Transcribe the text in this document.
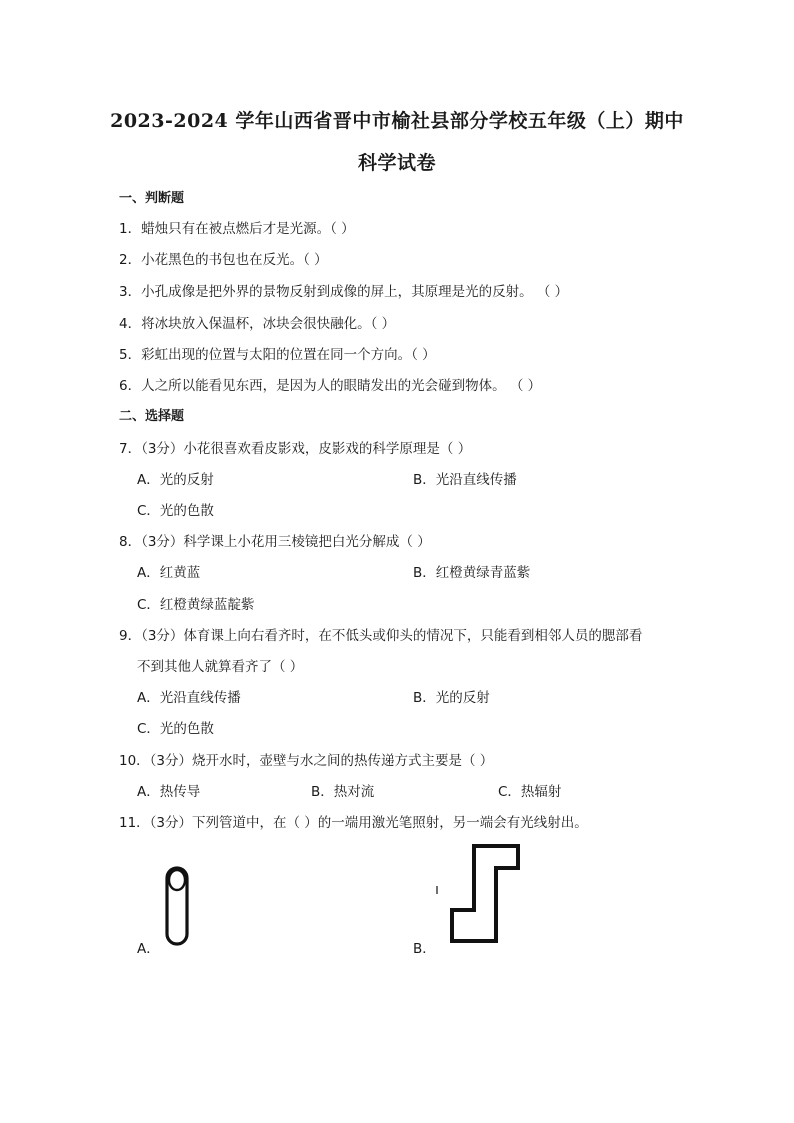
2023-2024 学年山西省晋中市榆社县部分学校五年级（上）期中
科学试卷
一、判断题
1．蜡烛只有在被点燃后才是光源。（ ）
2．小花黑色的书包也在反光。（ ）
3．小孔成像是把外界的景物反射到成像的屏上，其原理是光的反射。 （ ）
4．将冰块放入保温杯，冰块会很快融化。（ ）
5．彩虹出现的位置与太阳的位置在同一个方向。（ ）
6．人之所以能看见东西，是因为人的眼睛发出的光会碰到物体。 （ ）
二、选择题
7．（3分）小花很喜欢看皮影戏，皮影戏的科学原理是（ ）
A．光的反射	B．光沿直线传播
C．光的色散
8．（3分）科学课上小花用三棱镜把白光分解成（ ）
A．红黄蓝	B．红橙黄绿青蓝紫
C．红橙黄绿蓝靛紫
9．（3分）体育课上向右看齐时，在不低头或仰头的情况下，只能看到相邻人员的腮部看
不到其他人就算看齐了（ ）
A．光沿直线传播	B．光的反射
C．光的色散
10．（3分）烧开水时，壶壁与水之间的热传递方式主要是（ ）
A．热传导	B．热对流	C．热辐射
11．（3分）下列管道中，在（ ）的一端用激光笔照射，另一端会有光线射出。
A．	B．
